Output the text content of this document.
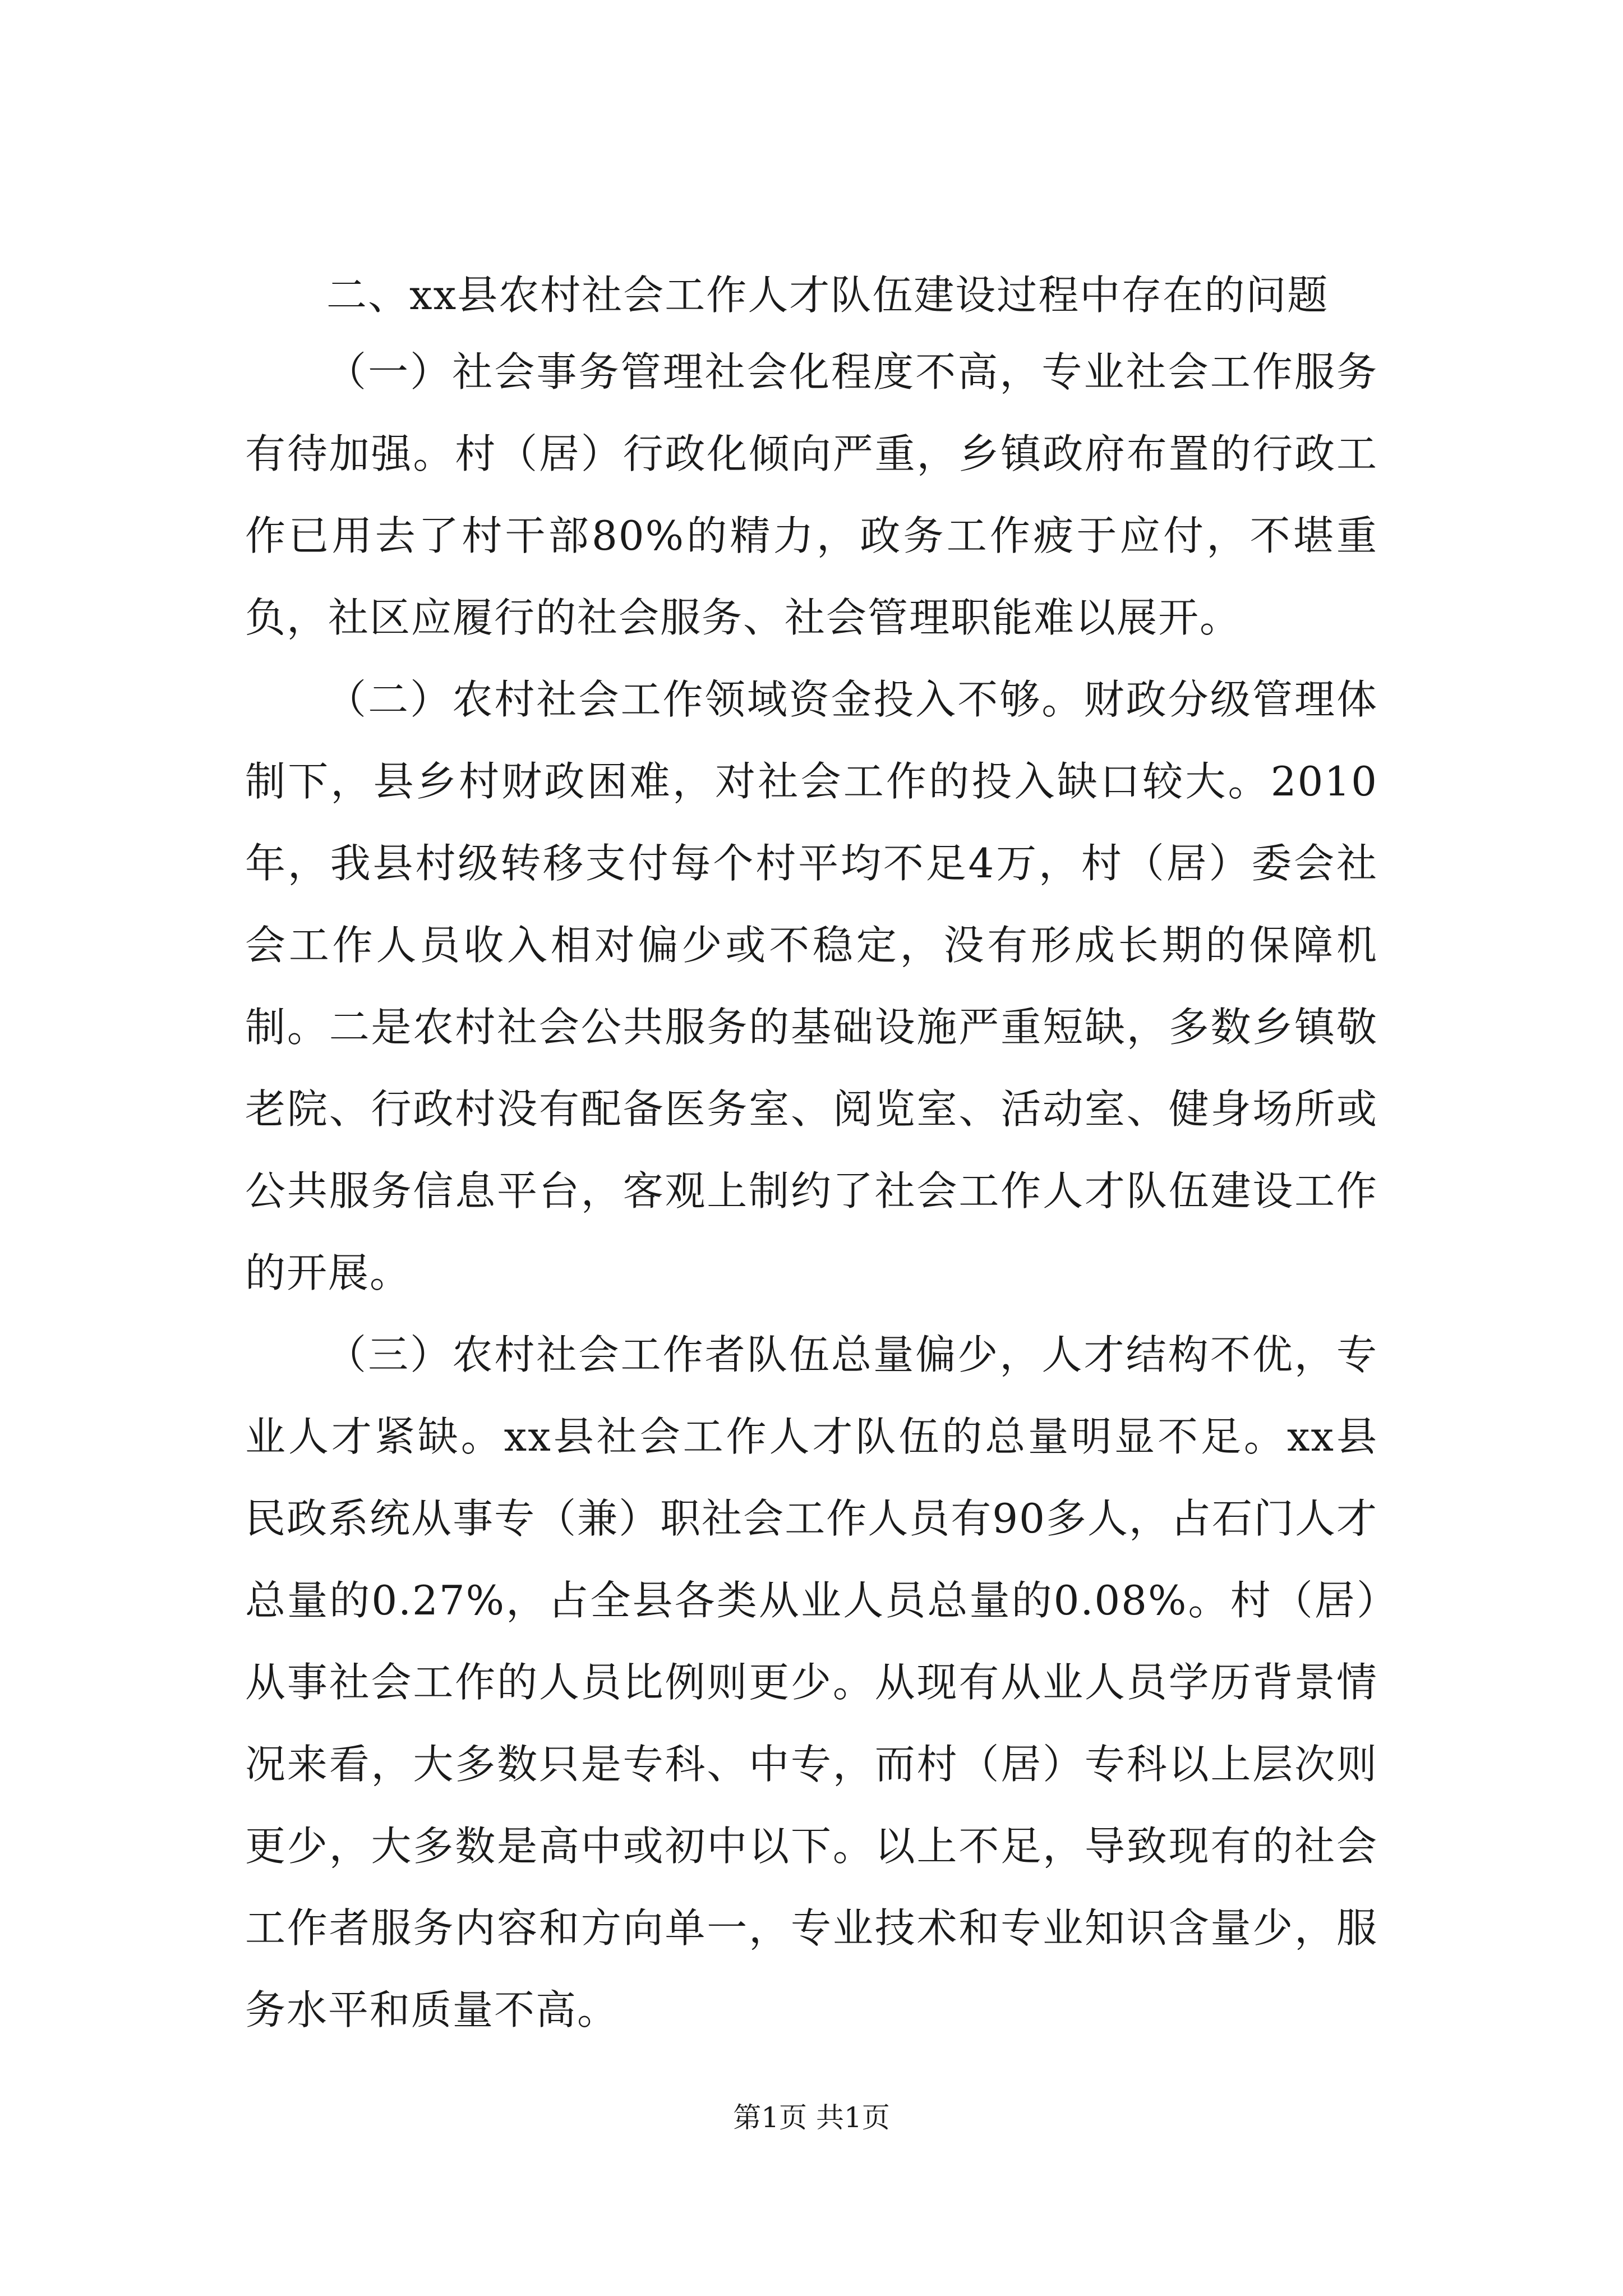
二、xx县农村社会工作人才队伍建设过程中存在的问题

（一）社会事务管理社会化程度不高，专业社会工作服务有待加强。村（居）行政化倾向严重，乡镇政府布置的行政工作已用去了村干部80%的精力，政务工作疲于应付，不堪重负，社区应履行的社会服务、社会管理职能难以展开。

（二）农村社会工作领域资金投入不够。财政分级管理体制下，县乡村财政困难，对社会工作的投入缺口较大。2010年，我县村级转移支付每个村平均不足4万，村（居）委会社会工作人员收入相对偏少或不稳定，没有形成长期的保障机制。二是农村社会公共服务的基础设施严重短缺，多数乡镇敬老院、行政村没有配备医务室、阅览室、活动室、健身场所或公共服务信息平台，客观上制约了社会工作人才队伍建设工作的开展。

（三）农村社会工作者队伍总量偏少，人才结构不优，专业人才紧缺。xx县社会工作人才队伍的总量明显不足。xx县民政系统从事专（兼）职社会工作人员有90多人，占石门人才总量的0.27%，占全县各类从业人员总量的0.08%。村（居）从事社会工作的人员比例则更少。从现有从业人员学历背景情况来看，大多数只是专科、中专，而村（居）专科以上层次则更少，大多数是高中或初中以下。以上不足，导致现有的社会工作者服务内容和方向单一，专业技术和专业知识含量少，服务水平和质量不高。

第1页 共1页
